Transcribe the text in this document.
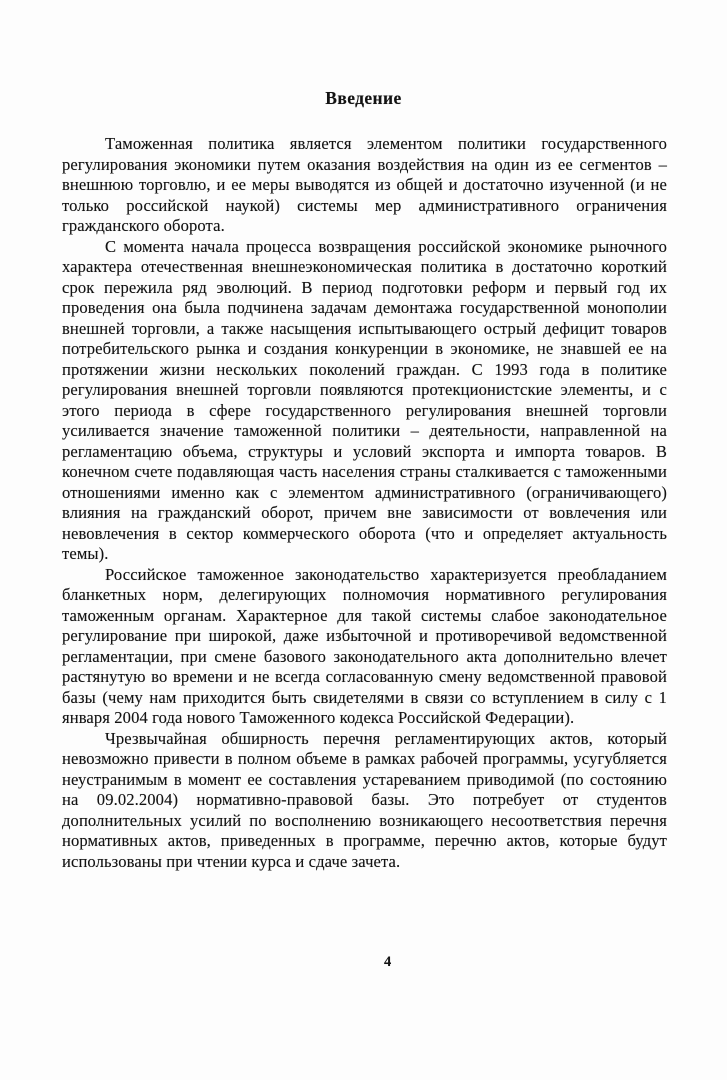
Введение

Таможенная политика является элементом политики государственного регулирования экономики путем оказания воздействия на один из ее сегментов – внешнюю торговлю, и ее меры выводятся из общей и достаточно изученной (и не только российской наукой) системы мер административного ограничения гражданского оборота.

С момента начала процесса возвращения российской экономике рыночного характера отечественная внешнеэкономическая политика в достаточно короткий срок пережила ряд эволюций. В период подготовки реформ и первый год их проведения она была подчинена задачам демонтажа государственной монополии внешней торговли, а также насыщения испытывающего острый дефицит товаров потребительского рынка и создания конкуренции в экономике, не знавшей ее на протяжении жизни нескольких поколений граждан. С 1993 года в политике регулирования внешней торговли появляются протекционистские элементы, и с этого периода в сфере государственного регулирования внешней торговли усиливается значение таможенной политики – деятельности, направленной на регламентацию объема, структуры и условий экспорта и импорта товаров. В конечном счете подавляющая часть населения страны сталкивается с таможенными отношениями именно как с элементом административного (ограничивающего) влияния на гражданский оборот, причем вне зависимости от вовлечения или невовлечения в сектор коммерческого оборота (что и определяет актуальность темы).

Российское таможенное законодательство характеризуется преобладанием бланкетных норм, делегирующих полномочия нормативного регулирования таможенным органам. Характерное для такой системы слабое законодательное регулирование при широкой, даже избыточной и противоречивой ведомственной регламентации, при смене базового законодательного акта дополнительно влечет растянутую во времени и не всегда согласованную смену ведомственной правовой базы (чему нам приходится быть свидетелями в связи со вступлением в силу с 1 января 2004 года нового Таможенного кодекса Российской Федерации).

Чрезвычайная обширность перечня регламентирующих актов, который невозможно привести в полном объеме в рамках рабочей программы, усугубляется неустранимым в момент ее составления устареванием приводимой (по состоянию на 09.02.2004) нормативно-правовой базы. Это потребует от студентов дополнительных усилий по восполнению возникающего несоответствия перечня нормативных актов, приведенных в программе, перечню актов, которые будут использованы при чтении курса и сдаче зачета.

4
